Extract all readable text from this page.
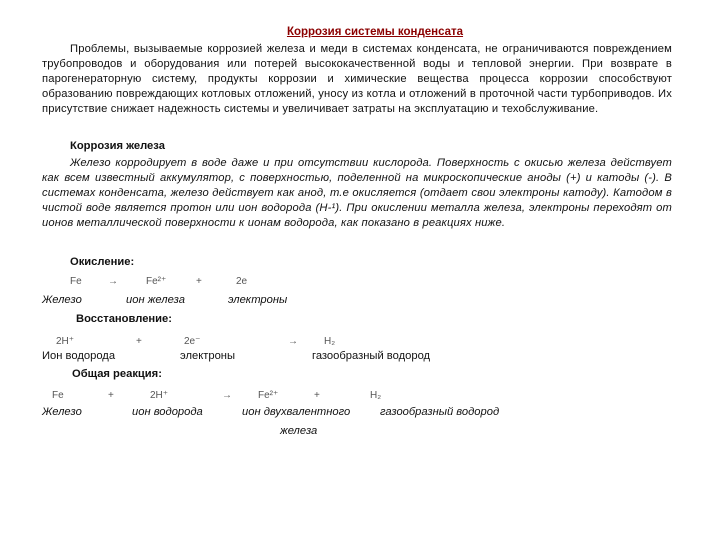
Коррозия системы конденсата
Проблемы, вызываемые коррозией железа и меди в системах конденсата, не ограничиваются повреждением трубопроводов и оборудования или потерей высококачественной воды и тепловой энергии. При возврате в парогенераторную систему, продукты коррозии и химические вещества процесса коррозии способствуют образованию повреждающих котловых отложений, уносу из котла и отложений в проточной части турбоприводов. Их присутствие снижает надежность системы и увеличивает затраты на эксплуатацию и техобслуживание.
Коррозия железа
Железо корродирует в воде даже и при отсутствии кислорода. Поверхность с окисью железа действует как всем известный аккумулятор, с поверхностью, поделенной на микроскопические аноды (+) и катоды (-). В системах конденсата, железо действует как анод, т.е окисляется (отдает свои электроны катоду). Катодом в чистой воде является протон или ион водорода (H-¹). При окислении металла железа, электроны переходят от ионов металлической поверхности к ионам водорода, как показано в реакциях ниже.
Окисление:
Fe	→	Fe²⁺	+	2e
Железо	ион железа	электроны
Восстановление:
2H⁺	+	2e⁻	→	H₂
Ион водорода	электроны	газообразный водород
Общая реакция:
Fe	+	2H⁺	→	Fe²⁺	+	H₂
Железо	ион водорода	ион двухвалентного	газообразный водород
железа
